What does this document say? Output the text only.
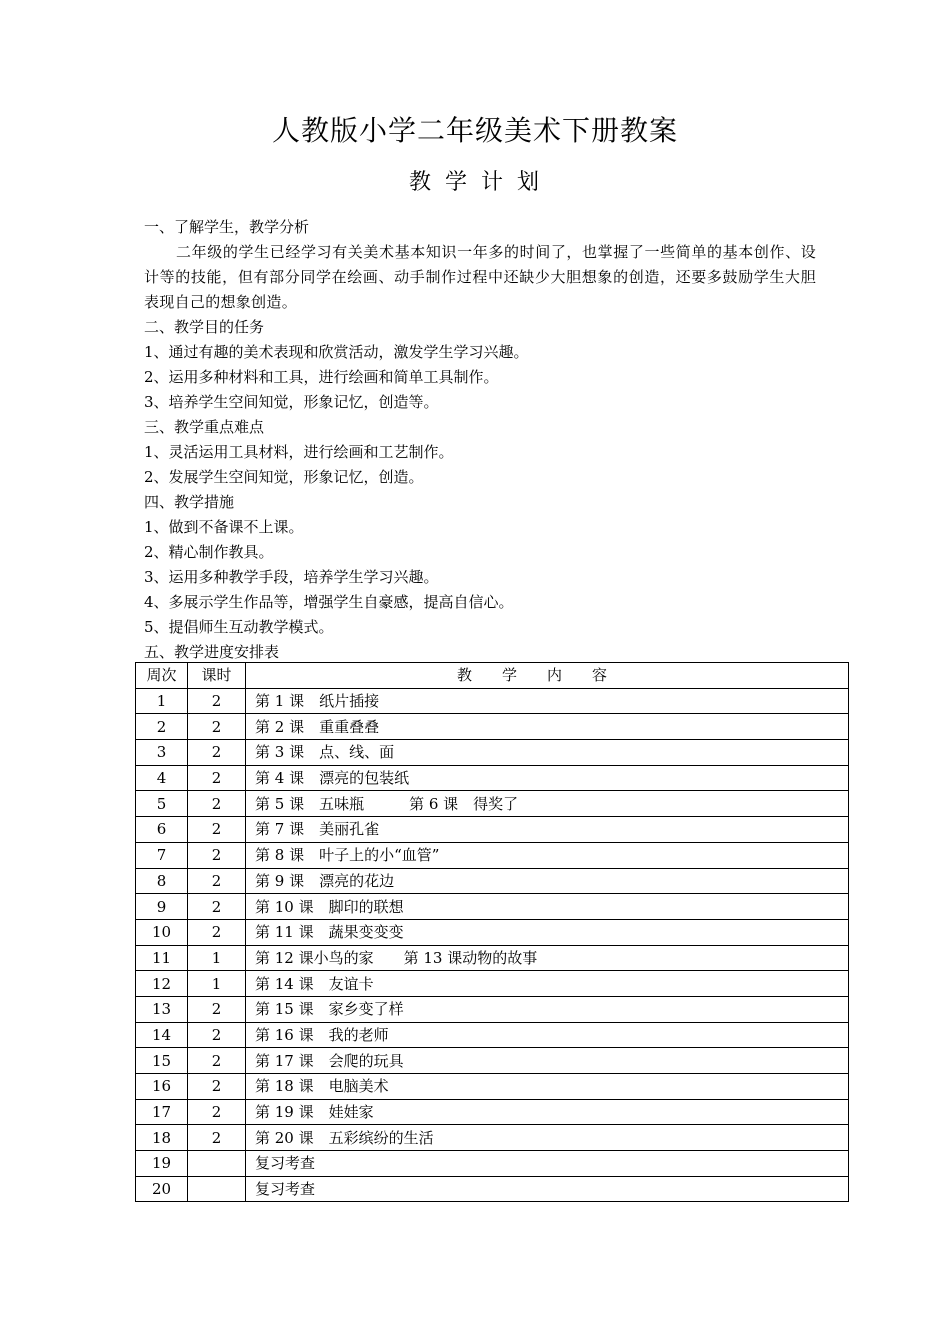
人教版小学二年级美术下册教案
教学计划
一、了解学生，教学分析
二年级的学生已经学习有关美术基本知识一年多的时间了，也掌握了一些简单的基本创作、设计等的技能，但有部分同学在绘画、动手制作过程中还缺少大胆想象的创造，还要多鼓励学生大胆表现自己的想象创造。
二、教学目的任务
1、通过有趣的美术表现和欣赏活动，激发学生学习兴趣。
2、运用多种材料和工具，进行绘画和简单工具制作。
3、培养学生空间知觉，形象记忆，创造等。
三、教学重点难点
1、灵活运用工具材料，进行绘画和工艺制作。
2、发展学生空间知觉，形象记忆，创造。
四、教学措施
1、做到不备课不上课。
2、精心制作教具。
3、运用多种教学手段，培养学生学习兴趣。
4、多展示学生作品等，增强学生自豪感，提高自信心。
5、提倡师生互动教学模式。
五、教学进度安排表
周次	课时	教学内容
1	2	第 1 课　纸片插接
2	2	第 2 课　重重叠叠
3	2	第 3 课　点、线、面
4	2	第 4 课　漂亮的包装纸
5	2	第 5 课　五味瓶　　　第 6 课　得奖了
6	2	第 7 课　美丽孔雀
7	2	第 8 课　叶子上的小“血管”
8	2	第 9 课　漂亮的花边
9	2	第 10 课　脚印的联想
10	2	第 11 课　蔬果变变变
11	1	第 12 课小鸟的家　　第 13 课动物的故事
12	1	第 14 课　友谊卡
13	2	第 15 课　家乡变了样
14	2	第 16 课　我的老师
15	2	第 17 课　会爬的玩具
16	2	第 18 课　电脑美术
17	2	第 19 课　娃娃家
18	2	第 20 课　五彩缤纷的生活
19		复习考查
20		复习考查
